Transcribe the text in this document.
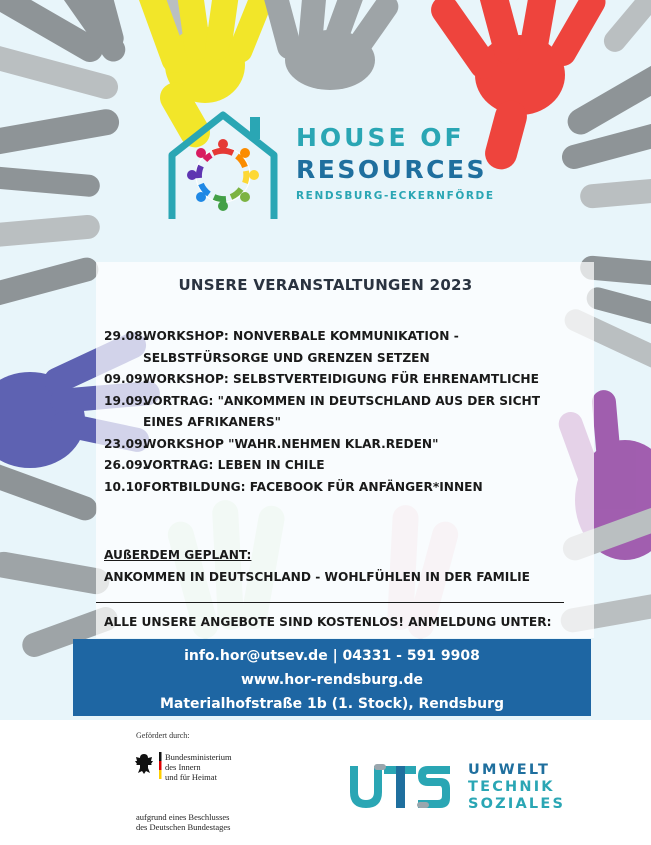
HOUSE OF
RESOURCES
RENDSBURG-ECKERNFÖRDE
UNSERE VERANSTALTUNGEN 2023
29.08.WORKSHOP: NONVERBALE KOMMUNIKATION -
SELBSTFÜRSORGE UND GRENZEN SETZEN
09.09.WORKSHOP: SELBSTVERTEIDIGUNG FÜR EHRENAMTLICHE
19.09.VORTRAG: "ANKOMMEN IN DEUTSCHLAND AUS DER SICHT
EINES AFRIKANERS"
23.09.WORKSHOP "WAHR.NEHMEN KLAR.REDEN"
26.09.VORTRAG: LEBEN IN CHILE
10.10.FORTBILDUNG: FACEBOOK FÜR ANFÄNGER*INNEN
AUßERDEM GEPLANT:
ANKOMMEN IN DEUTSCHLAND - WOHLFÜHLEN IN DER FAMILIE
ALLE UNSERE ANGEBOTE SIND KOSTENLOS! ANMELDUNG UNTER:
info.hor@utsev.de | 04331 - 591 9908
www.hor-rendsburg.de
Materialhofstraße 1b (1. Stock), Rendsburg
Gefördert durch:
Bundesministerium
des Innern
und für Heimat
aufgrund eines Beschlusses
des Deutschen Bundestages
UMWELT
TECHNIK
SOZIALES
